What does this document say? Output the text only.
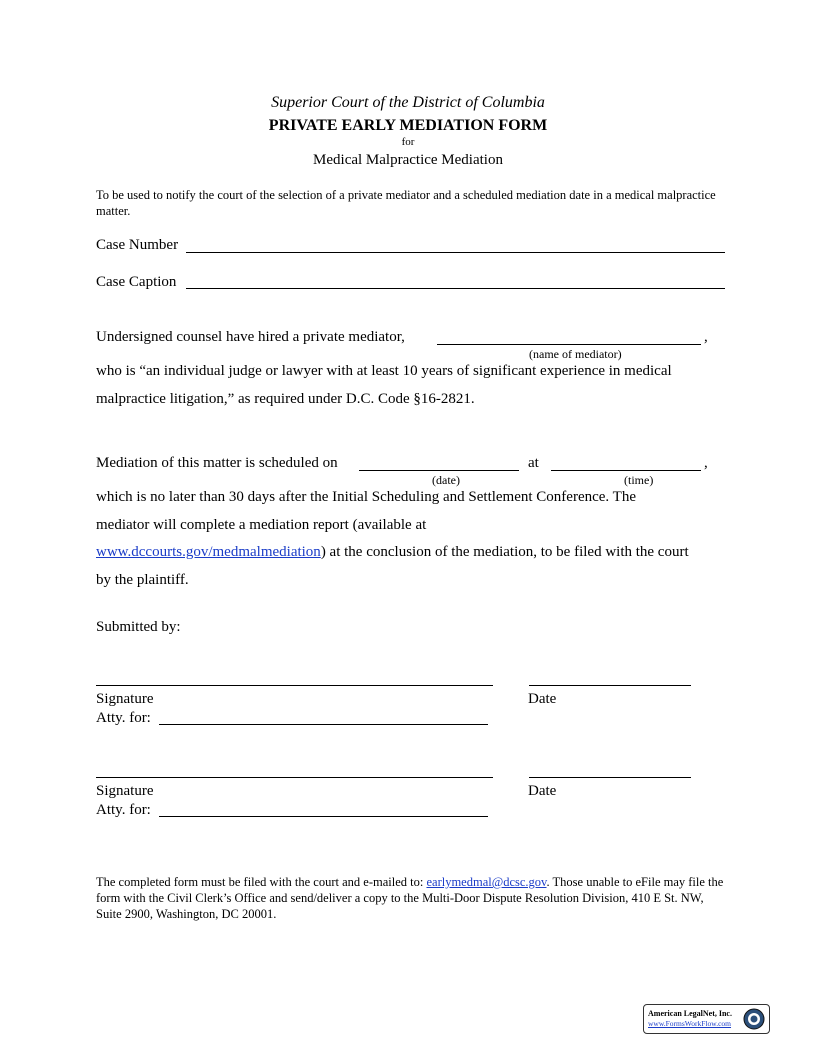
Superior Court of the District of Columbia
PRIVATE EARLY MEDIATION FORM
for
Medical Malpractice Mediation
To be used to notify the court of the selection of a private mediator and a scheduled mediation date in a medical malpractice matter.
Case Number
Case Caption
Undersigned counsel have hired a private mediator,	,
(name of mediator)
who is “an individual judge or lawyer with at least 10 years of significant experience in medical
malpractice litigation,” as required under D.C. Code §16-2821.
Mediation of this matter is scheduled on	at	,
(date)	(time)
which is no later than 30 days after the Initial Scheduling and Settlement Conference. The
mediator will complete a mediation report (available at
www.dccourts.gov/medmalmediation) at the conclusion of the mediation, to be filed with the court
by the plaintiff.
Submitted by:
Signature	Date
Atty. for:
Signature	Date
Atty. for:
The completed form must be filed with the court and e-mailed to: earlymedmal@dcsc.gov. Those unable to eFile may file the form with the Civil Clerk’s Office and send/deliver a copy to the Multi-Door Dispute Resolution Division, 410 E St. NW, Suite 2900, Washington, DC 20001.
American LegalNet, Inc.
www.FormsWorkFlow.com
